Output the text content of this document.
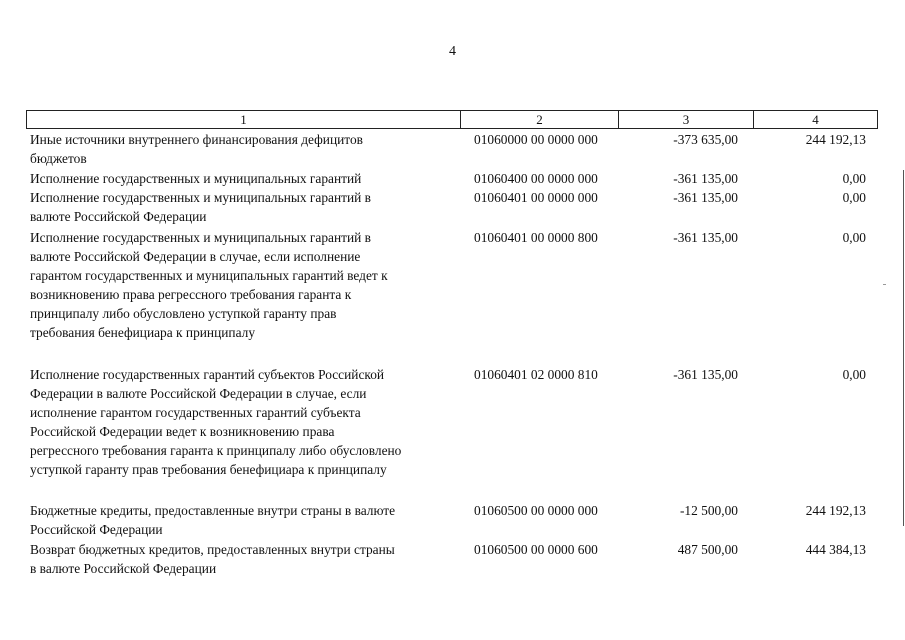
4
1	2	3	4
Иные источники внутреннего финансирования дефицитов
бюджетов
01060000 00 0000 000	-373 635,00	244 192,13
Исполнение государственных и муниципальных гарантий	01060400 00 0000 000	-361 135,00	0,00
Исполнение государственных и муниципальных гарантий в
валюте Российской Федерации
01060401 00 0000 000	-361 135,00	0,00
Исполнение государственных и муниципальных гарантий в
валюте Российской Федерации в случае, если исполнение
гарантом государственных и муниципальных гарантий ведет к
возникновению права регрессного требования гаранта к
принципалу либо обусловлено уступкой гаранту прав
требования бенефициара к принципалу
01060401 00 0000 800	-361 135,00	0,00
Исполнение государственных гарантий субъектов Российской
Федерации в валюте Российской Федерации в случае, если
исполнение гарантом государственных гарантий субъекта
Российской Федерации ведет к возникновению права
регрессного требования гаранта к принципалу либо обусловлено
уступкой гаранту прав требования бенефициара к принципалу
01060401 02 0000 810	-361 135,00	0,00
Бюджетные кредиты, предоставленные внутри страны в валюте
Российской Федерации
01060500 00 0000 000	-12 500,00	244 192,13
Возврат бюджетных кредитов, предоставленных внутри страны
в валюте Российской Федерации
01060500 00 0000 600	487 500,00	444 384,13
